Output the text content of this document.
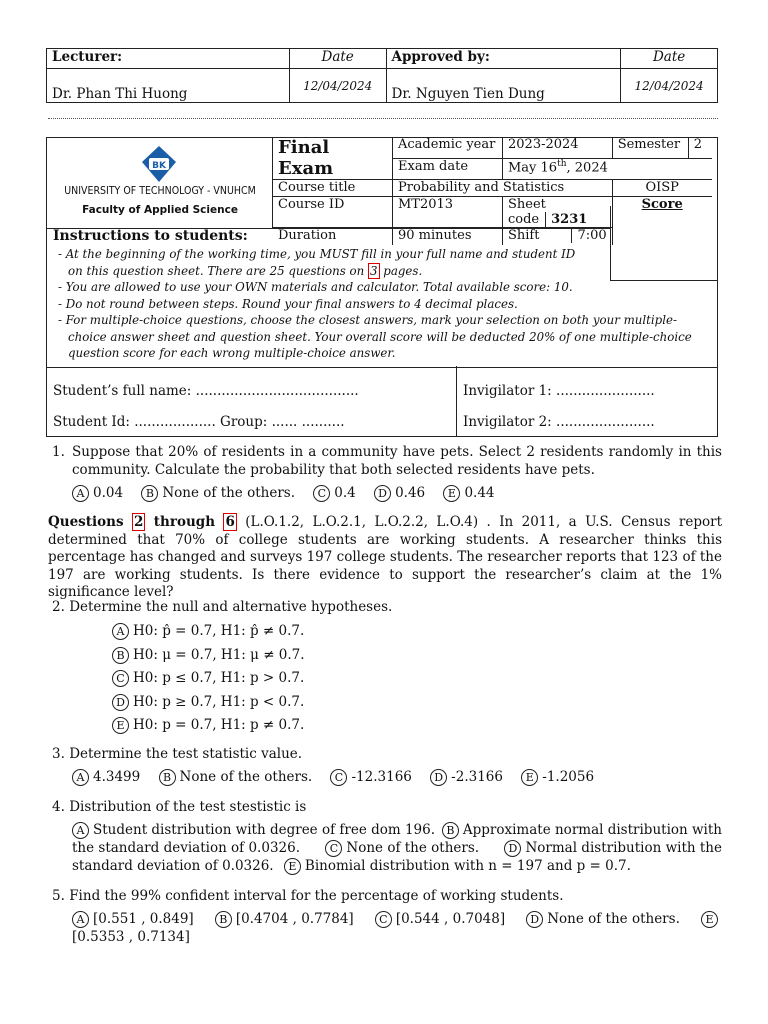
Lecturer:	Date	Approved by:	Date
Dr. Phan Thi Huong	12/04/2024	Dr. Nguyen Tien Dung	12/04/2024
BK
UNIVERSITY OF TECHNOLOGY - VNUHCM
Faculty of Applied Science
Final Exam	Academic year	2023-2024	Semester	2
	Exam date	May 16th, 2024		
Course title	Probability and Statistics		OISP	
Course ID	MT2013	Sheet code 3231	Score	
Duration	90 minutes	Shift 7:00		
Instructions to students:
- At the beginning of the working time, you MUST fill in your full name and student ID
on this question sheet. There are 25 questions on 3 pages.
- You are allowed to use your OWN materials and calculator. Total available score: 10.
- Do not round between steps. Round your final answers to 4 decimal places.
- For multiple-choice questions, choose the closest answers, mark your selection on both your multiple-
choice answer sheet and question sheet. Your overall score will be deducted 20% of one multiple-choice
question score for each wrong multiple-choice answer.
Student’s full name: ......................................
Student Id: ................... Group: ...... ..........
Invigilator 1: .......................
Invigilator 2: .......................
1. Suppose that 20% of residents in a community have pets. Select 2 residents randomly in this community. Calculate the probability that both selected residents have pets.
A 0.04 B None of the others. C 0.4 D 0.46 E 0.44
Questions 2 through 6 (L.O.1.2, L.O.2.1, L.O.2.2, L.O.4) . In 2011, a U.S. Census report determined that 70% of college students are working students. A researcher thinks this percentage has changed and surveys 197 college students. The researcher reports that 123 of the 197 are working students. Is there evidence to support the researcher’s claim at the 1% significance level?
2. Determine the null and alternative hypotheses.
A H0: p̂ = 0.7, H1: p̂ ≠ 0.7.
B H0: μ = 0.7, H1: μ ≠ 0.7.
C H0: p ≤ 0.7, H1: p > 0.7.
D H0: p ≥ 0.7, H1: p < 0.7.
E H0: p = 0.7, H1: p ≠ 0.7.
3. Determine the test statistic value.
A 4.3499 B None of the others. C -12.3166 D -2.3166 E -1.2056
4. Distribution of the test stestistic is
A Student distribution with degree of free dom 196.	B Approximate normal distribution with
the standard deviation of 0.0326.	C None of the others.	D Normal distribution with the
standard deviation of 0.0326. E Binomial distribution with n = 197 and p = 0.7.
5. Find the 99% confident interval for the percentage of working students.
A [0.551 , 0.849]	B [0.4704 , 0.7784]	C [0.544 , 0.7048]	D None of the others.	E
[0.5353 , 0.7134]
